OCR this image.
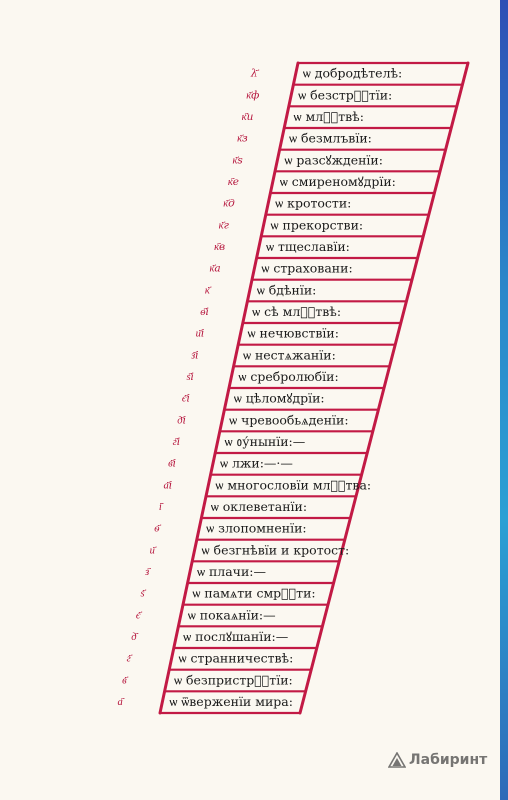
ѡ добродѣтелѣ:
ѡ безстрⷭ҇тїи:
ѡ млⷭ҇твѣ:
ѡ безмлъвїи:
ѡ разсꙋжденїи:
ѡ смиреномꙋдрїи:
ѡ кротости:
ѡ прекорстви:
ѡ тщеславїи:
ѡ страховани:
ѡ бдѣнїи:
ѡ сѣ млⷭ҇твѣ:
ѡ нечювствїи:
ѡ нестѧжанїи:
ѡ сребролюбїи:
ѡ цѣломꙋдрїи:
ѡ чревообьѧденїи:
ѡ ᲂу́нынїи:—
ѡ лжи:—·—
ѡ многословїи млⷭ҇тва:
ѡ оклеветанїи:
ѡ злопомненїи:
ѡ безгнѣвїи и кротост:
ѡ плачи:—
ѡ памѧти смрⷮ҇ти:
ѡ покаѧнїи:—
ѡ послꙋшанїи:—
ѡ странничествѣ:
ѡ безпристрⷭ҇тїи:
ѡ ѿверженїи мира:
λ҃
к҃ф
к҃и
к҃з
к҃ѕ
к҃е
к҃д
к҃г
к҃в
к҃а
к҃
ѳ҃і
и҃і
з҃і
ѕ҃і
є҃і
д҃і
г҃і
в҃і
а҃і
і҃
ѳ҃
и҃
з҃
ѕ҃
є҃
д҃
г҃
в҃
а҃
Лабиринт
